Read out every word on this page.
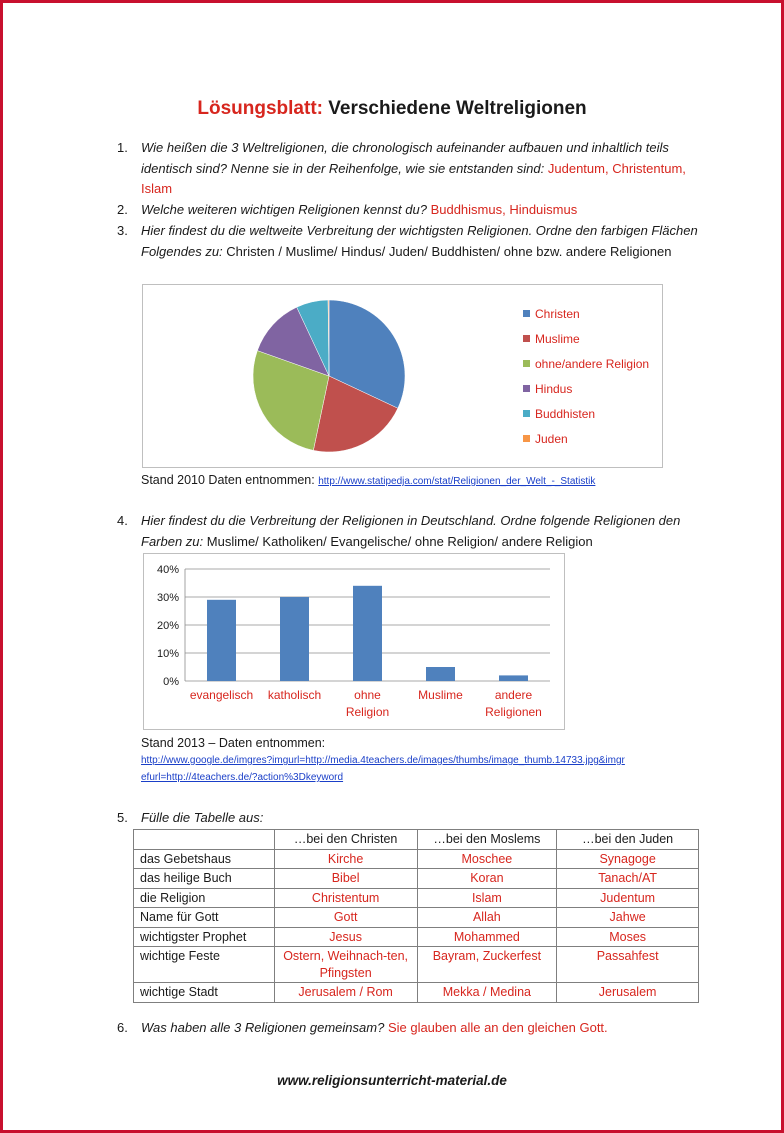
Lösungsblatt: Verschiedene Weltreligionen
1. Wie heißen die 3 Weltreligionen, die chronologisch aufeinander aufbauen und inhaltlich teils identisch sind? Nenne sie in der Reihenfolge, wie sie entstanden sind: Judentum, Christentum, Islam
2. Welche weiteren wichtigen Religionen kennst du? Buddhismus, Hinduismus
3. Hier findest du die weltweite Verbreitung der wichtigsten Religionen. Ordne den farbigen Flächen Folgendes zu: Christen / Muslime/ Hindus/ Juden/ Buddhisten/ ohne bzw. andere Religionen
Christen
Muslime
ohne/andere Religion
Hindus
Buddhisten
Juden
Stand 2010 Daten entnommen: http://www.statipedja.com/stat/Religionen_der_Welt_-_Statistik
4. Hier findest du die Verbreitung der Religionen in Deutschland. Ordne folgende Religionen den Farben zu: Muslime/ Katholiken/ Evangelische/ ohne Religion/ andere Religion
0%
10%
20%
30%
40%
evangelisch katholisch	ohne
Religion
Muslime	andere
Religionen
Stand 2013 – Daten entnommen:
http://www.google.de/imgres?imgurl=http://media.4teachers.de/images/thumbs/image_thumb.14733.jpg&imgr
efurl=http://4teachers.de/?action%3Dkeyword
5. Fülle die Tabelle aus:
	…bei den Christen	…bei den Moslems	…bei den Juden
das Gebetshaus	Kirche	Moschee	Synagoge
das heilige Buch	Bibel	Koran	Tanach/AT
die Religion	Christentum	Islam	Judentum
Name für Gott	Gott	Allah	Jahwe
wichtigster Prophet	Jesus	Mohammed	Moses
wichtige Feste	Ostern, Weihnach-ten, Pfingsten	Bayram, Zuckerfest	Passahfest
wichtige Stadt	Jerusalem / Rom	Mekka / Medina	Jerusalem
6. Was haben alle 3 Religionen gemeinsam? Sie glauben alle an den gleichen Gott.
www.religionsunterricht-material.de
